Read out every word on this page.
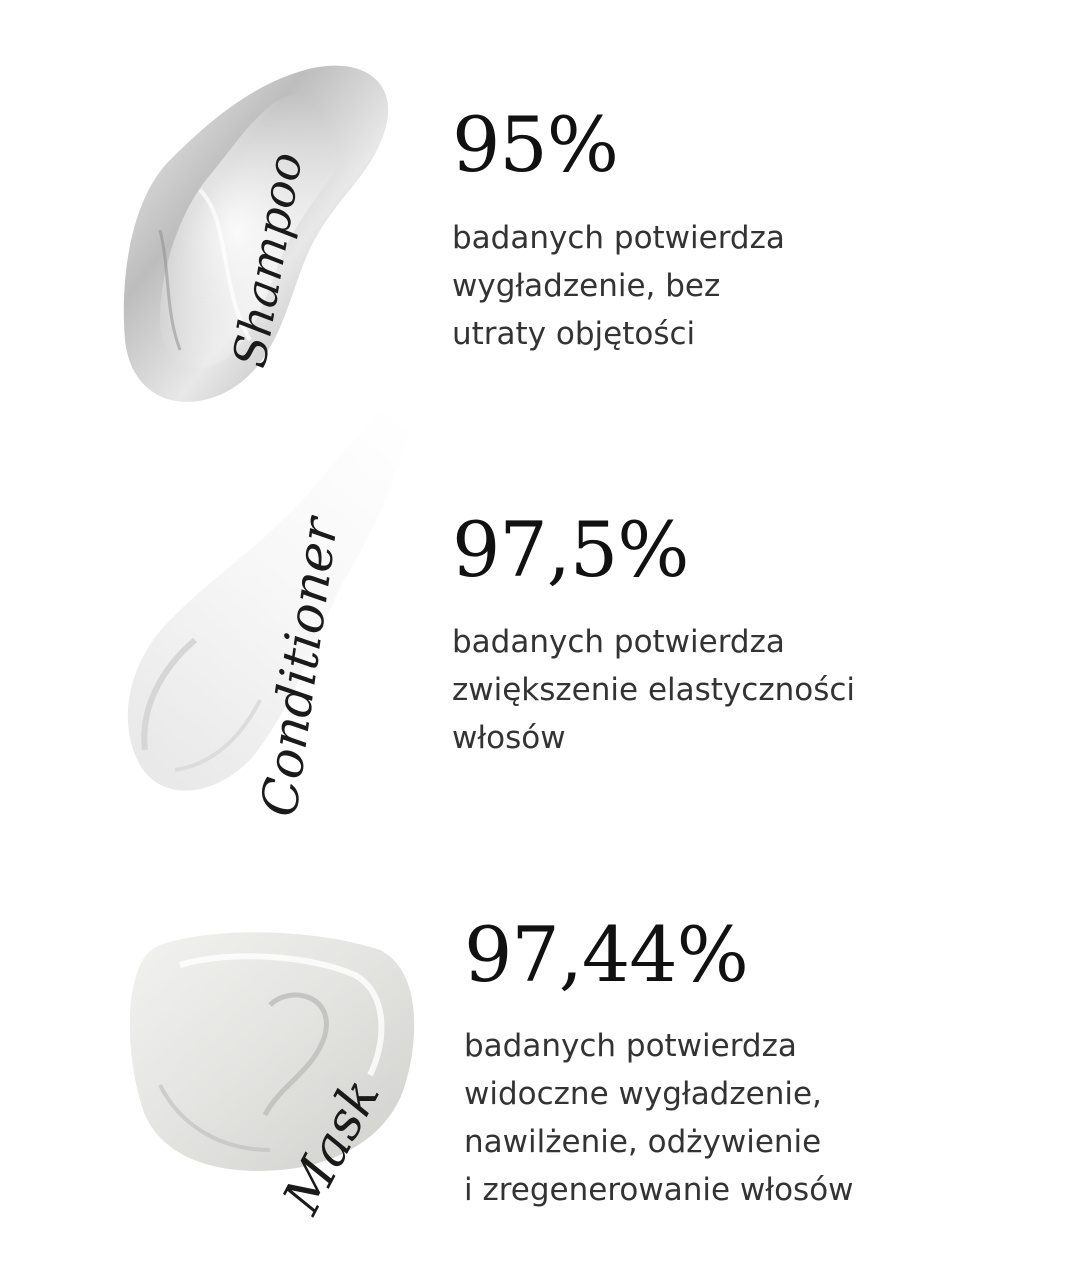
Shampoo
95%

badanych potwierdza
wygładzenie, bez
utraty objętości

Conditioner 97,5%

badanych potwierdza
zwiększenie elastyczności
włosów

Mask
97,44%

badanych potwierdza
widoczne wygładzenie,
nawilżenie, odżywienie
i zregenerowanie włosów
